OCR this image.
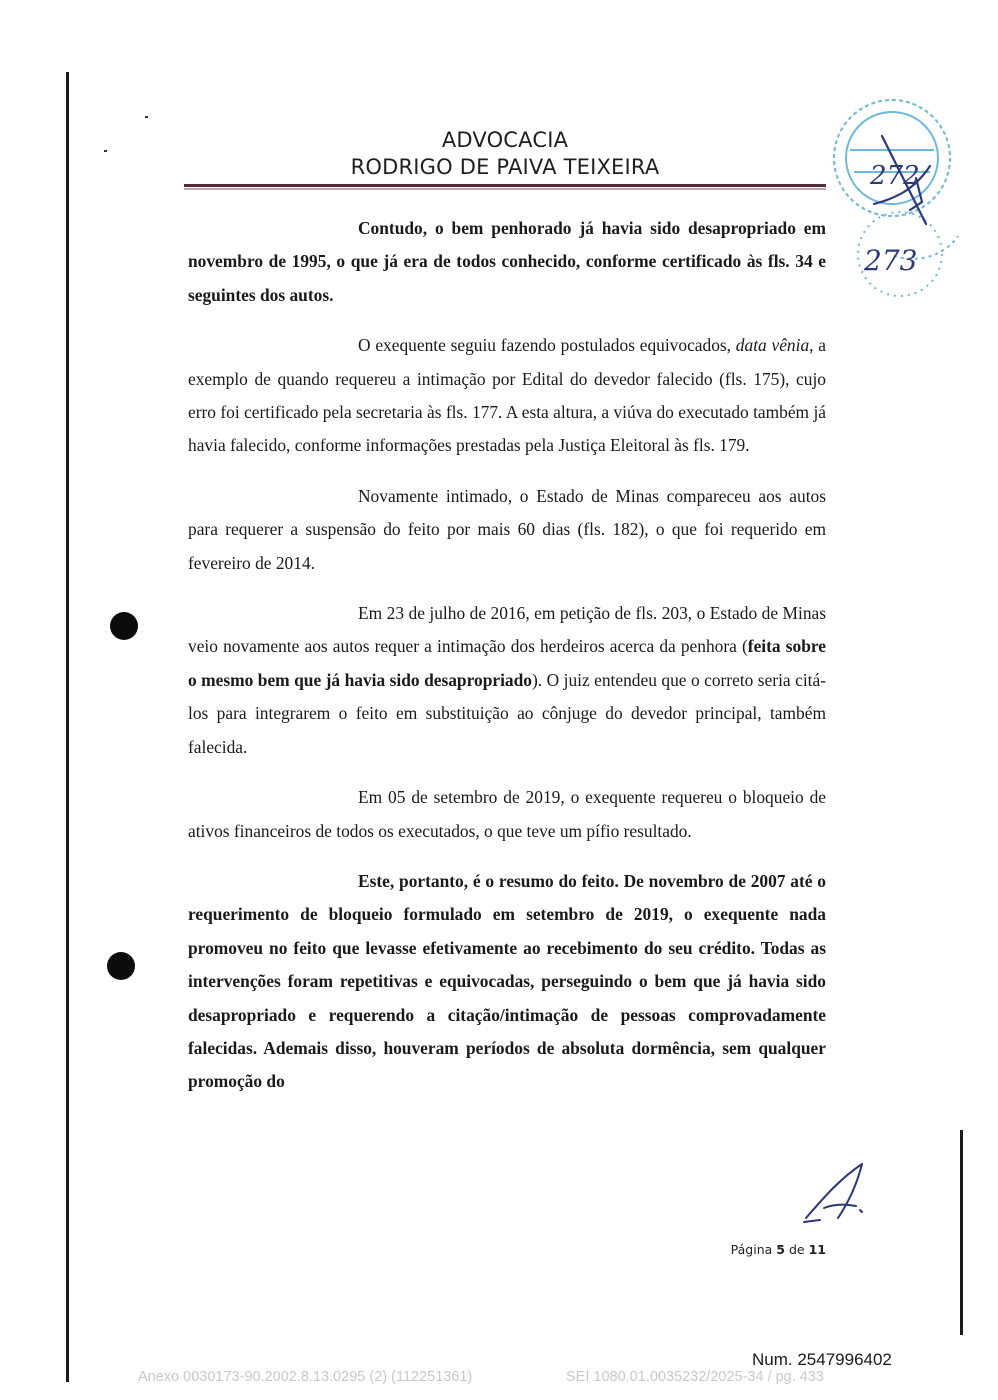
ADVOCACIA
RODRIGO DE PAIVA TEIXEIRA	272
273

Contudo, o bem penhorado já havia sido desapropriado em novembro de 1995, o que já era de todos conhecido, conforme certificado às fls. 34 e seguintes dos autos.

O exequente seguiu fazendo postulados equivocados, data vênia, a exemplo de quando requereu a intimação por Edital do devedor falecido (fls. 175), cujo erro foi certificado pela secretaria às fls. 177. A esta altura, a viúva do executado também já havia falecido, conforme informações prestadas pela Justiça Eleitoral às fls. 179.

Novamente intimado, o Estado de Minas compareceu aos autos para requerer a suspensão do feito por mais 60 dias (fls. 182), o que foi requerido em fevereiro de 2014.

Em 23 de julho de 2016, em petição de fls. 203, o Estado de Minas veio novamente aos autos requer a intimação dos herdeiros acerca da penhora (feita sobre o mesmo bem que já havia sido desapropriado). O juiz entendeu que o correto seria citá-los para integrarem o feito em substituição ao cônjuge do devedor principal, também falecida.

Em 05 de setembro de 2019, o exequente requereu o bloqueio de ativos financeiros de todos os executados, o que teve um pífio resultado.

Este, portanto, é o resumo do feito. De novembro de 2007 até o requerimento de bloqueio formulado em setembro de 2019, o exequente nada promoveu no feito que levasse efetivamente ao recebimento do seu crédito. Todas as intervenções foram repetitivas e equivocadas, perseguindo o bem que já havia sido desapropriado e requerendo a citação/intimação de pessoas comprovadamente falecidas. Ademais disso, houveram períodos de absoluta dormência, sem qualquer promoção do

Página 5 de 11
Num. 2547996402
Anexo 0030173-90.2002.8.13.0295 (2) (112251361)	SEI 1080.01.0035232/2025-34 / pg. 433
